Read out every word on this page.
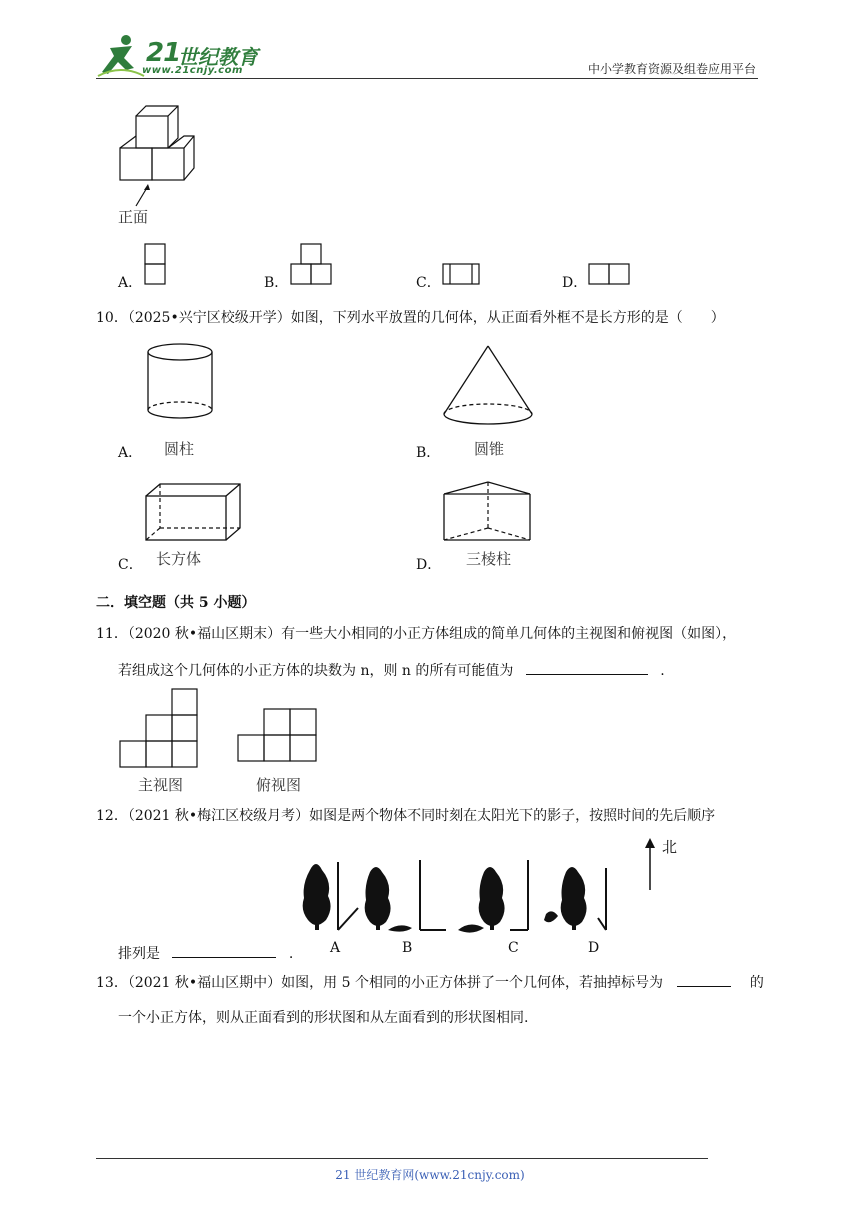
21
世纪教育
www.21cnjy.com	中小学教育资源及组卷应用平台
正面
A．	B．	C．	D．
10．（2025•兴宁区校级开学）如图，下列水平放置的几何体，从正面看外框不是长方形的是（　　）
A． 圆柱	B． 圆锥
C． 长方体	D． 三棱柱
二．填空题（共 5 小题）
11．（2020 秋•福山区期末）有一些大小相同的小正方体组成的简单几何体的主视图和俯视图（如图），
若组成这个几何体的小正方体的块数为 n，则 n 的所有可能值为	.
主视图	俯视图
12．（2021 秋•梅江区校级月考）如图是两个物体不同时刻在太阳光下的影子，按照时间的先后顺序
北
A	B	C	D
排列是	.
13．（2021 秋•福山区期中）如图，用 5 个相同的小正方体拼了一个几何体，若抽掉标号为	的
一个小正方体，则从正面看到的形状图和从左面看到的形状图相同.
21 世纪教育网(www.21cnjy.com)
